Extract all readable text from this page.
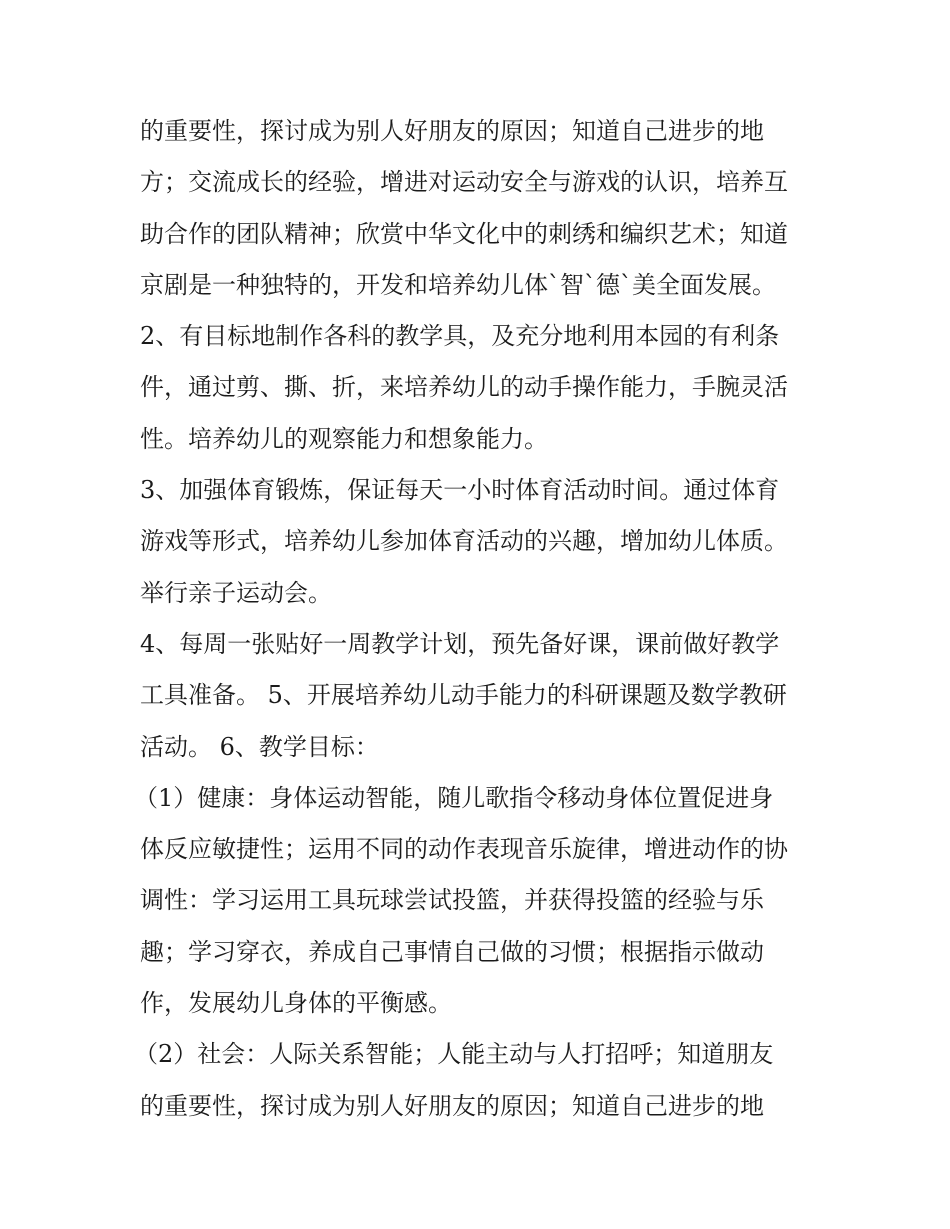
的重要性，探讨成为别人好朋友的原因；知道自己进步的地
方；交流成长的经验，增进对运动安全与游戏的认识，培养互
助合作的团队精神；欣赏中华文化中的刺绣和编织艺术；知道
京剧是一种独特的，开发和培养幼儿体`智`德`美全面发展。
2、有目标地制作各科的教学具，及充分地利用本园的有利条
件，通过剪、撕、折，来培养幼儿的动手操作能力，手腕灵活
性。培养幼儿的观察能力和想象能力。
3、加强体育锻炼，保证每天一小时体育活动时间。通过体育
游戏等形式，培养幼儿参加体育活动的兴趣，增加幼儿体质。
举行亲子运动会。
4、每周一张贴好一周教学计划，预先备好课，课前做好教学
工具准备。 5、开展培养幼儿动手能力的科研课题及数学教研
活动。 6、教学目标：
（1）健康：身体运动智能，随儿歌指令移动身体位置促进身
体反应敏捷性；运用不同的动作表现音乐旋律，增进动作的协
调性：学习运用工具玩球尝试投篮，并获得投篮的经验与乐
趣；学习穿衣，养成自己事情自己做的习惯；根据指示做动
作，发展幼儿身体的平衡感。
（2）社会：人际关系智能；人能主动与人打招呼；知道朋友
的重要性，探讨成为别人好朋友的原因；知道自己进步的地
